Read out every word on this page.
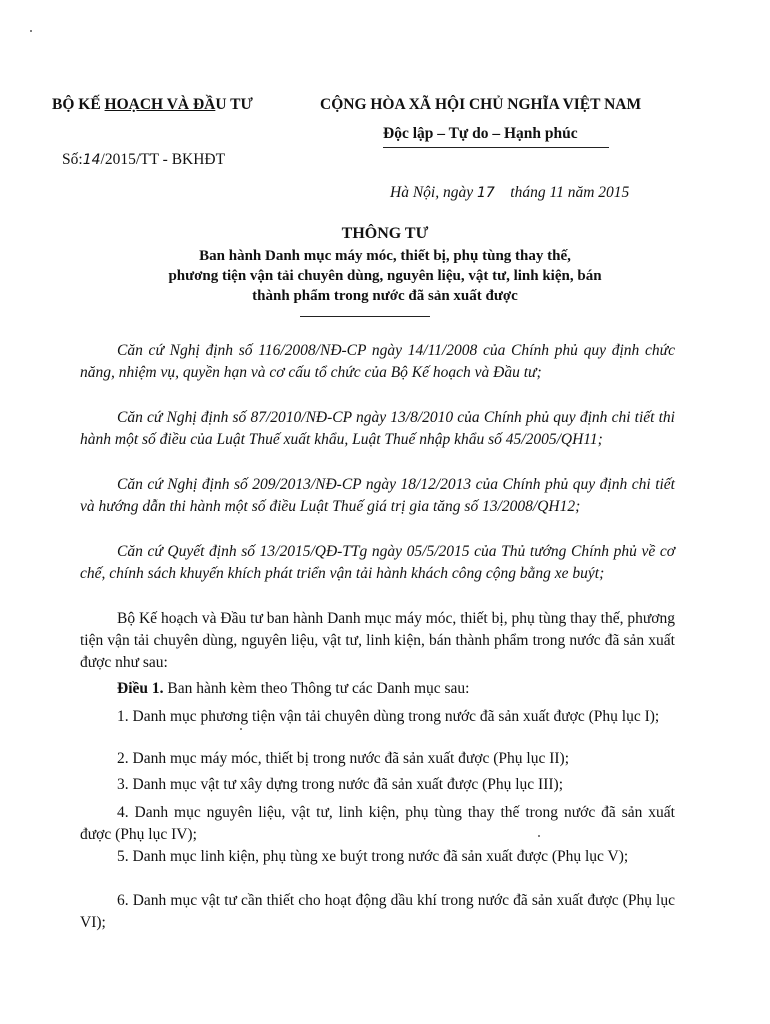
BỘ KẾ HOẠCH VÀ ĐẦU TƯ	CỘNG HÒA XÃ HỘI CHỦ NGHĨA VIỆT NAM
Độc lập – Tự do – Hạnh phúc
Số:14/2015/TT - BKHĐT
Hà Nội, ngày 17 tháng 11 năm 2015
THÔNG TƯ
Ban hành Danh mục máy móc, thiết bị, phụ tùng thay thế,
phương tiện vận tải chuyên dùng, nguyên liệu, vật tư, linh kiện, bán
thành phẩm trong nước đã sản xuất được
Căn cứ Nghị định số 116/2008/NĐ-CP ngày 14/11/2008 của Chính phủ quy định chức năng, nhiệm vụ, quyền hạn và cơ cấu tổ chức của Bộ Kế hoạch và Đầu tư;
Căn cứ Nghị định số 87/2010/NĐ-CP ngày 13/8/2010 của Chính phủ quy định chi tiết thi hành một số điều của Luật Thuế xuất khẩu, Luật Thuế nhập khẩu số 45/2005/QH11;
Căn cứ Nghị định số 209/2013/NĐ-CP ngày 18/12/2013 của Chính phủ quy định chi tiết và hướng dẫn thi hành một số điều Luật Thuế giá trị gia tăng số 13/2008/QH12;
Căn cứ Quyết định số 13/2015/QĐ-TTg ngày 05/5/2015 của Thủ tướng Chính phủ về cơ chế, chính sách khuyến khích phát triển vận tải hành khách công cộng bằng xe buýt;
Bộ Kế hoạch và Đầu tư ban hành Danh mục máy móc, thiết bị, phụ tùng thay thế, phương tiện vận tải chuyên dùng, nguyên liệu, vật tư, linh kiện, bán thành phẩm trong nước đã sản xuất được như sau:
Điều 1. Ban hành kèm theo Thông tư các Danh mục sau:
1. Danh mục phương tiện vận tải chuyên dùng trong nước đã sản xuất được (Phụ lục I);
2. Danh mục máy móc, thiết bị trong nước đã sản xuất được (Phụ lục II);
3. Danh mục vật tư xây dựng trong nước đã sản xuất được (Phụ lục III);
4. Danh mục nguyên liệu, vật tư, linh kiện, phụ tùng thay thế trong nước đã sản xuất được (Phụ lục IV);
5. Danh mục linh kiện, phụ tùng xe buýt trong nước đã sản xuất được (Phụ lục V);
6. Danh mục vật tư cần thiết cho hoạt động dầu khí trong nước đã sản xuất được (Phụ lục VI);
